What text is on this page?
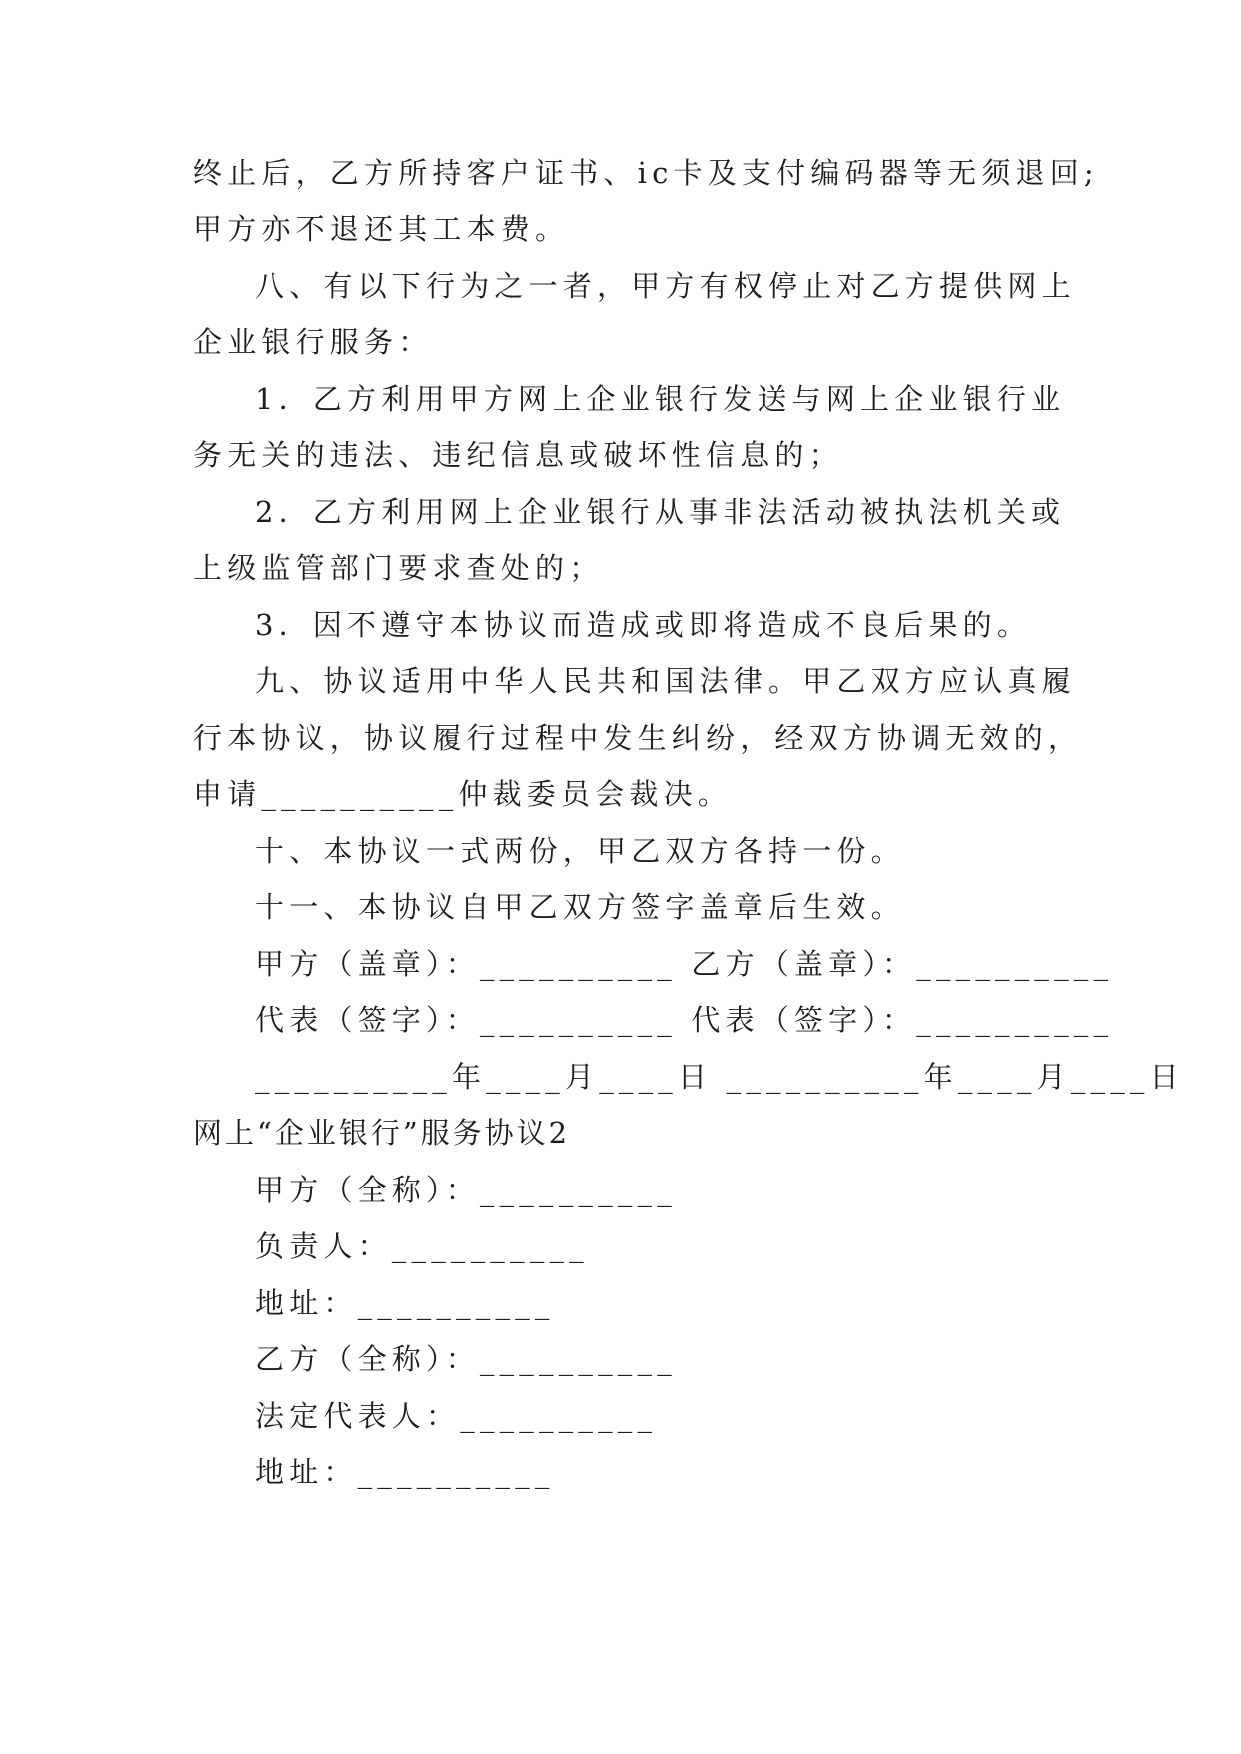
终止后，乙方所持客户证书、ic卡及支付编码器等无须退回;
甲方亦不退还其工本费。
八、有以下行为之一者，甲方有权停止对乙方提供网上
企业银行服务：
1．乙方利用甲方网上企业银行发送与网上企业银行业
务无关的违法、违纪信息或破坏性信息的；
2．乙方利用网上企业银行从事非法活动被执法机关或
上级监管部门要求查处的；
3．因不遵守本协议而造成或即将造成不良后果的。
九、协议适用中华人民共和国法律。甲乙双方应认真履
行本协议，协议履行过程中发生纠纷，经双方协调无效的，
申请__________仲裁委员会裁决。
十、本协议一式两份，甲乙双方各持一份。
十一、本协议自甲乙双方签字盖章后生效。
甲方（盖章）：__________ 乙方（盖章）：__________
代表（签字）：__________ 代表（签字）：__________
__________年____月____日 __________年____月____日
网上“企业银行”服务协议2
甲方（全称）：__________
负责人：__________
地址：__________
乙方（全称）：__________
法定代表人：__________
地址：__________
